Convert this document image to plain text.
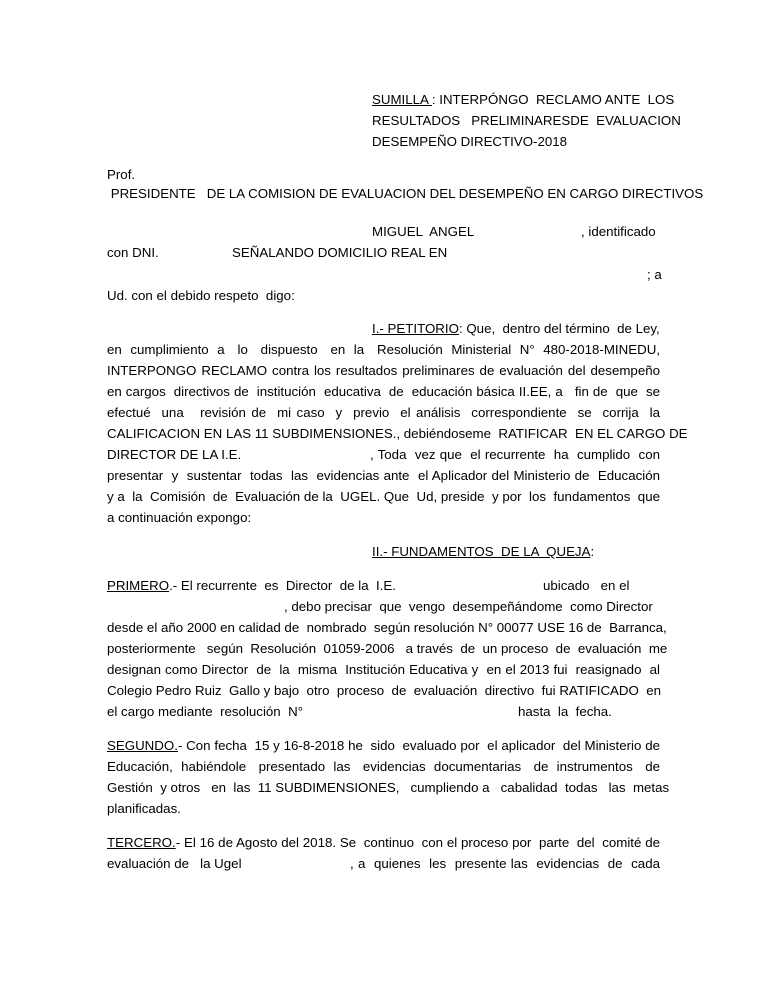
SUMILLA : INTERPÓNGO  RECLAMO ANTE  LOS
RESULTADOS   PRELIMINARESDE  EVALUACION
DESEMPEÑO DIRECTIVO-2018
Prof.
PRESIDENTE   DE LA COMISION DE EVALUACION DEL DESEMPEÑO EN CARGO DIRECTIVOS
MIGUEL  ANGEL	, identificado
con DNI.	SEÑALANDO DOMICILIO REAL EN
; a
Ud. con el debido respeto  digo:
I.- PETITORIO: Que,  dentro del término  de Ley,
en  cumplimiento  a   lo   dispuesto   en  la   Resolución  Ministerial  N°  480-2018-MINEDU,
INTERPONGO RECLAMO contra los resultados preliminares de evaluación del desempeño
en cargos  directivos de  institución  educativa  de  educación básica II.EE, a   fin de  que  se
efectué  una   revisión de  mi caso  y  previo  el análisis  correspondiente  se  corrija  la
CALIFICACION EN LAS 11 SUBDIMENSIONES., debiéndoseme  RATIFICAR  EN EL CARGO DE
DIRECTOR DE LA I.E.	, Toda  vez que  el recurrente  ha  cumplido  con
presentar  y  sustentar  todas  las  evidencias ante  el Aplicador del Ministerio de  Educación
y a  la  Comisión  de  Evaluación de la  UGEL. Que  Ud, preside  y por  los  fundamentos  que
a continuación expongo:
II.- FUNDAMENTOS  DE LA  QUEJA:
PRIMERO.- El recurrente  es  Director  de la  I.E.	ubicado   en el
, debo precisar  que  vengo  desempeñándome  como Director
desde el año 2000 en calidad de  nombrado  según resolución N° 00077 USE 16 de  Barranca,
posteriormente   según  Resolución  01059-2006   a través  de  un proceso  de  evaluación  me
designan como Director  de  la  misma  Institución Educativa y  en el 2013 fui  reasignado  al
Colegio Pedro Ruiz  Gallo y bajo  otro  proceso  de  evaluación  directivo  fui RATIFICADO  en
el cargo mediante  resolución  N°	hasta  la  fecha.
SEGUNDO.- Con fecha  15 y 16-8-2018 he  sido  evaluado por  el aplicador  del Ministerio de
Educación,  habiéndole   presentado  las   evidencias  documentarias   de  instrumentos   de
Gestión  y otros   en  las  11 SUBDIMENSIONES,   cumpliendo a   cabalidad  todas   las  metas
planificadas.
TERCERO.- El 16 de Agosto del 2018. Se  continuo  con el proceso por  parte  del  comité de
evaluación de   la Ugel	, a  quienes  les  presente las  evidencias  de  cada
